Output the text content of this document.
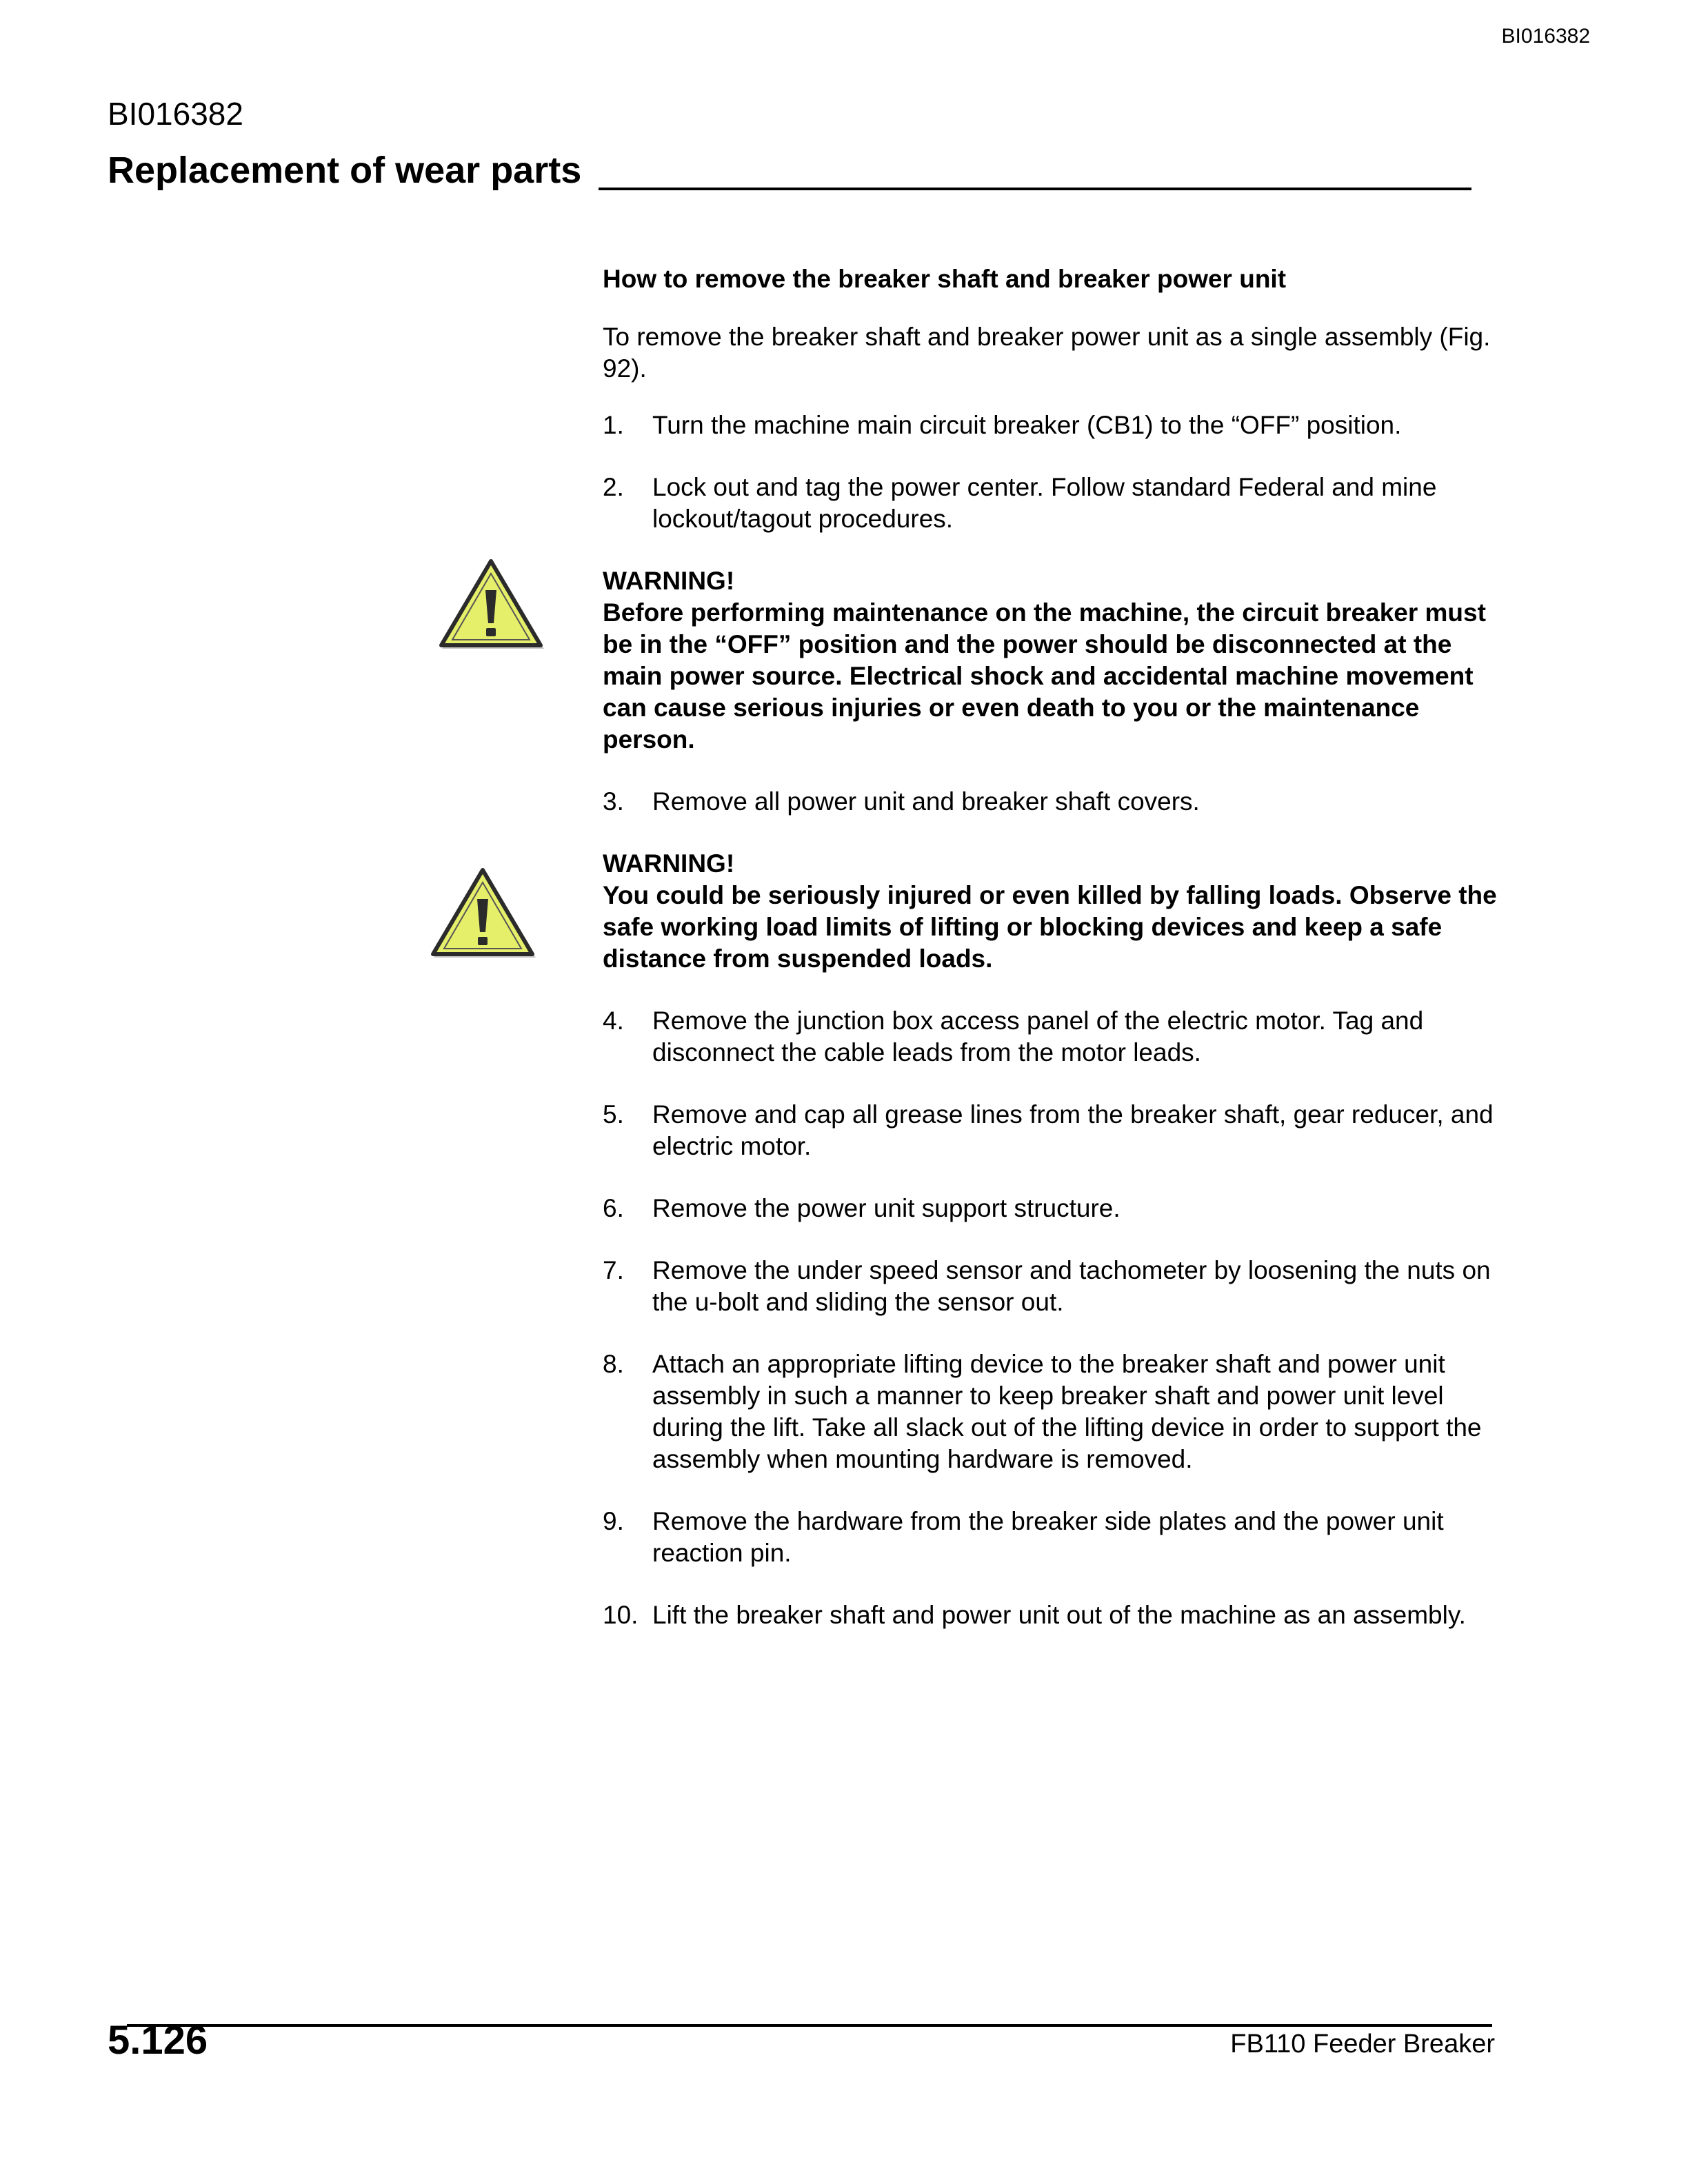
BI016382
BI016382
Replacement of wear parts
How to remove the breaker shaft and breaker power unit
To remove the breaker shaft and breaker power unit as a single assembly (Fig. 92).
1.	Turn the machine main circuit breaker (CB1) to the “OFF” position.
2.	Lock out and tag the power center. Follow standard Federal and mine lockout/tagout procedures.
WARNING!
Before performing maintenance on the machine, the circuit breaker must be in the “OFF” position and the power should be disconnected at the main power source. Electrical shock and accidental machine movement can cause serious injuries or even death to you or the maintenance person.
3.	Remove all power unit and breaker shaft covers.
WARNING!
You could be seriously injured or even killed by falling loads. Observe the safe working load limits of lifting or blocking devices and keep a safe distance from suspended loads.
4.	Remove the junction box access panel of the electric motor. Tag and disconnect the cable leads from the motor leads.
5.	Remove and cap all grease lines from the breaker shaft, gear reducer, and electric motor.
6.	Remove the power unit support structure.
7.	Remove the under speed sensor and tachometer by loosening the nuts on the u-bolt and sliding the sensor out.
8.	Attach an appropriate lifting device to the breaker shaft and power unit assembly in such a manner to keep breaker shaft and power unit level during the lift. Take all slack out of the lifting device in order to support the assembly when mounting hardware is removed.
9.	Remove the hardware from the breaker side plates and the power unit reaction pin.
10. Lift the breaker shaft and power unit out of the machine as an assembly.
5.126	FB110 Feeder Breaker
